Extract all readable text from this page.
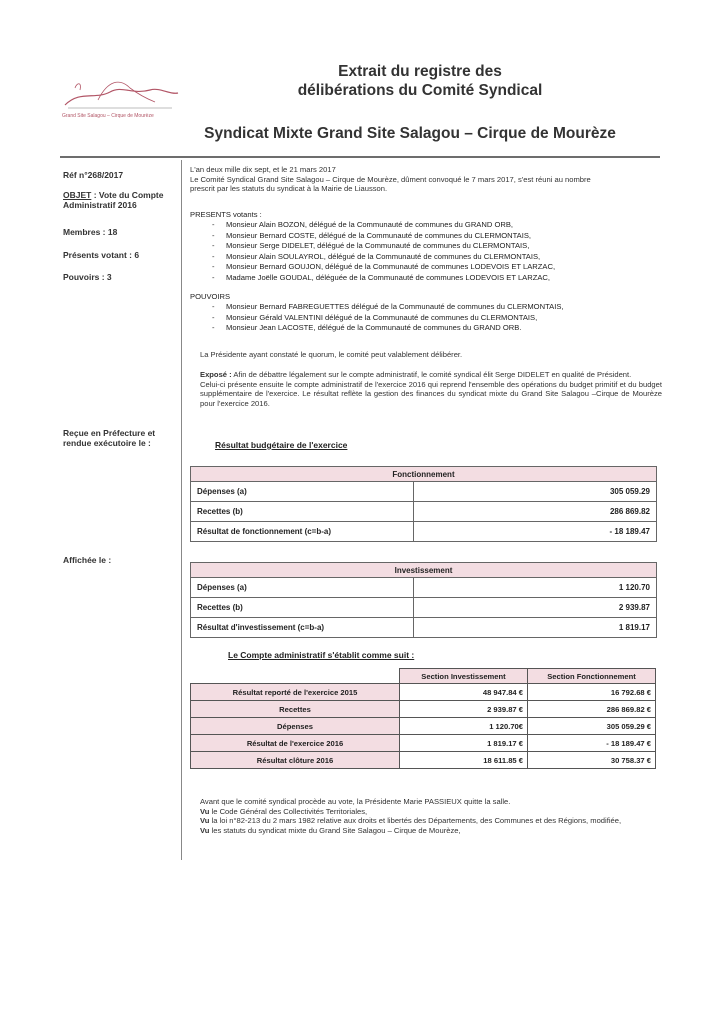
Grand Site Salagou – Cirque de Mourèze
Extrait du registre des
délibérations du Comité Syndical
Syndicat Mixte Grand Site Salagou – Cirque de Mourèze
Réf n°268/2017
OBJET : Vote du Compte Administratif 2016
Membres : 18
Présents votant : 6
Pouvoirs : 3
Reçue en Préfecture et rendue exécutoire le :
Affichée le :
L'an deux mille dix sept, et le 21 mars 2017
Le Comité Syndical Grand Site Salagou – Cirque de Mourèze, dûment convoqué le 7 mars 2017, s'est réuni au nombre
prescrit par les statuts du syndicat à la Mairie de Liausson.
PRESENTS votants :
- Monsieur Alain BOZON, délégué de la Communauté de communes du GRAND ORB,
- Monsieur Bernard COSTE, délégué de la Communauté de communes du CLERMONTAIS,
- Monsieur Serge DIDELET, délégué de la Communauté de communes du CLERMONTAIS,
- Monsieur Alain SOULAYROL, délégué de la Communauté de communes du CLERMONTAIS,
- Monsieur Bernard GOUJON, délégué de la Communauté de communes LODEVOIS ET LARZAC,
- Madame Joëlle GOUDAL, déléguée de la Communauté de communes LODEVOIS ET LARZAC,
POUVOIRS
- Monsieur Bernard FABREGUETTES délégué de la Communauté de communes du CLERMONTAIS,
- Monsieur Gérald VALENTINI délégué de la Communauté de communes du CLERMONTAIS,
- Monsieur Jean LACOSTE, délégué de la Communauté de communes du GRAND ORB.
La Présidente ayant constaté le quorum, le comité peut valablement délibérer.
Exposé : Afin de débattre légalement sur le compte administratif, le comité syndical élit Serge DIDELET en qualité de Président.
Celui-ci présente ensuite le compte administratif de l'exercice 2016 qui reprend l'ensemble des opérations du budget primitif et du budget supplémentaire de l'exercice. Le résultat reflète la gestion des finances du syndicat mixte du Grand Site Salagou –Cirque de Mourèze pour l'exercice 2016.
Résultat budgétaire de l'exercice
Fonctionnement	
Dépenses (a)	305 059.29
Recettes (b)	286 869.82
Résultat de fonctionnement (c=b-a)	- 18 189.47
Investissement	
Dépenses (a)	1 120.70
Recettes (b)	2 939.87
Résultat d'investissement (c=b-a)	1 819.17
Le Compte administratif s'établit comme suit :
	Section Investissement	Section Fonctionnement
Résultat reporté de l'exercice 2015	48 947.84 €	16 792.68 €
Recettes	2 939.87 €	286 869.82 €
Dépenses	1 120.70€	305 059.29 €
Résultat de l'exercice 2016	1 819.17 €	- 18 189.47 €
Résultat clôture 2016	18 611.85 €	30 758.37 €
Avant que le comité syndical procède au vote, la Présidente Marie PASSIEUX quitte la salle.
Vu le Code Général des Collectivités Territoriales,
Vu la loi n°82-213 du 2 mars 1982 relative aux droits et libertés des Départements, des Communes et des Régions, modifiée,
Vu les statuts du syndicat mixte du Grand Site Salagou – Cirque de Mourèze,
